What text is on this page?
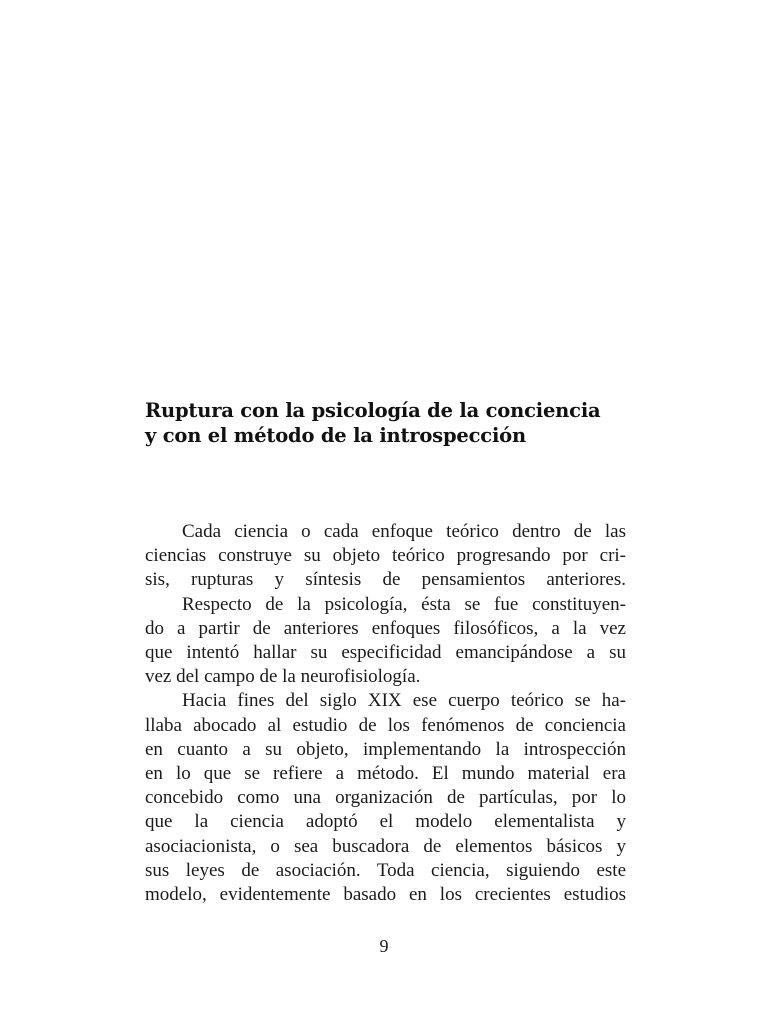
Ruptura con la psicología de la conciencia
y con el método de la introspección

Cada ciencia o cada enfoque teórico dentro de las
ciencias construye su objeto teórico progresando por cri-
sis, rupturas y síntesis de pensamientos anteriores.

Respecto de la psicología, ésta se fue constituyen-
do a partir de anteriores enfoques filosóficos, a la vez
que intentó hallar su especificidad emancipándose a su
vez del campo de la neurofisiología.

Hacia fines del siglo XIX ese cuerpo teórico se ha-
llaba abocado al estudio de los fenómenos de conciencia
en cuanto a su objeto, implementando la introspección
en lo que se refiere a método. El mundo material era
concebido como una organización de partículas, por lo
que la ciencia adoptó el modelo elementalista y
asociacionista, o sea buscadora de elementos básicos y
sus leyes de asociación. Toda ciencia, siguiendo este
modelo, evidentemente basado en los crecientes estudios

9
